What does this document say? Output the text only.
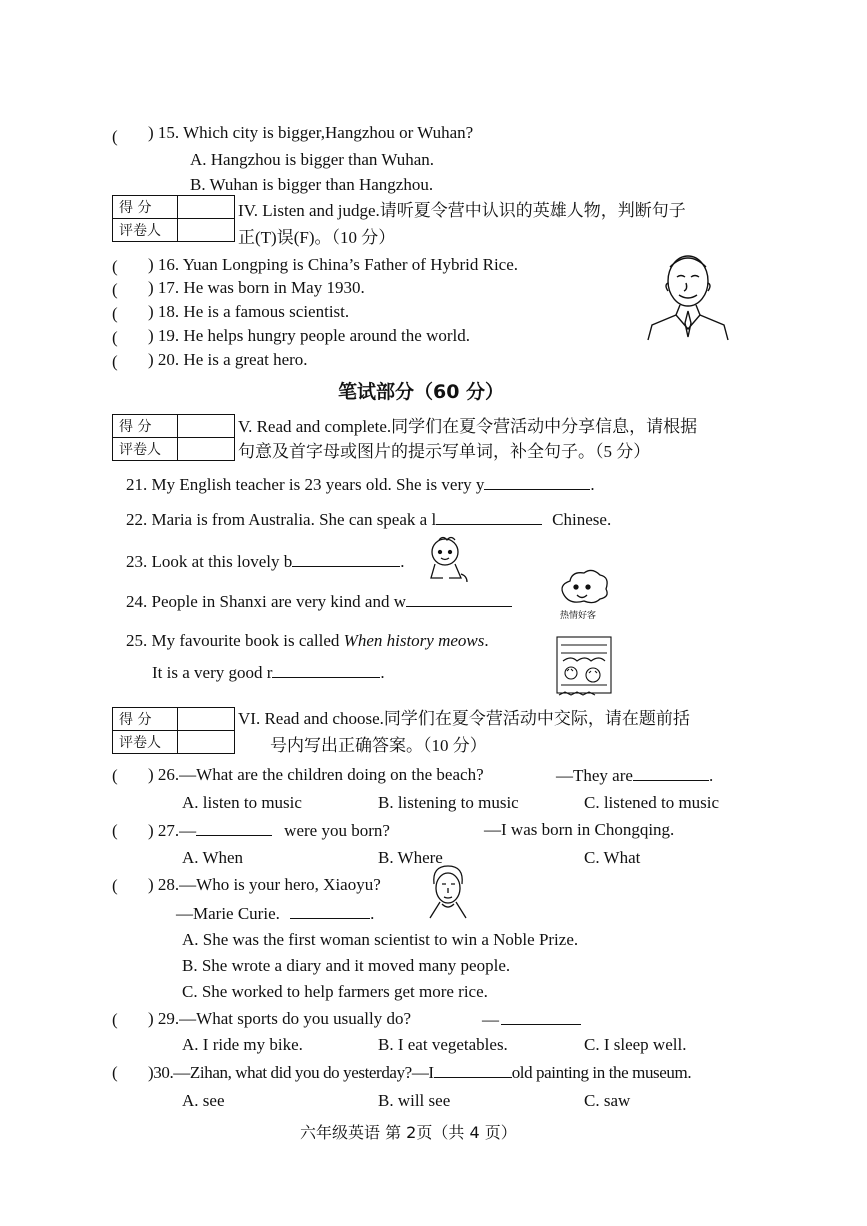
( ) 15. Which city is bigger,Hangzhou or Wuhan?
A. Hangzhou is bigger than Wuhan.
B. Wuhan is bigger than Hangzhou.
得 分	
评卷人	
IV. Listen and judge.请听夏令营中认识的英雄人物，判断句子
正(T)误(F)。（10 分）
( ) 16. Yuan Longping is China’s Father of Hybrid Rice.
( ) 17. He was born in May 1930.
( ) 18. He is a famous scientist.
( ) 19. He helps hungry people around the world.
( ) 20. He is a great hero.
笔试部分（60 分）
得 分	
评卷人	
V. Read and complete.同学们在夏令营活动中分享信息，请根据
句意及首字母或图片的提示写单词，补全句子。（5 分）
21. My English teacher is 23 years old. She is very y	.
22. Maria is from Australia. She can speak a l	Chinese.
23. Look at this lovely b	.
24. People in Shanxi are very kind and w
热情好客
25. My favourite book is called When history meows.
It is a very good r	.
得 分	
评卷人	
VI. Read and choose.同学们在夏令营活动中交际，请在题前括
号内写出正确答案。（10 分）
( ) 26.—What are the children doing on the beach?	—They are	.
A. listen to music	B. listening to music	C. listened to music
( ) 27.—	were you born?	—I was born in Chongqing.
A. When	B. Where	C. What
( ) 28.—Who is your hero, Xiaoyu?
—Marie Curie.	.
A. She was the first woman scientist to win a Noble Prize.
B. She wrote a diary and it moved many people.
C. She worked to help farmers get more rice.
( ) 29.—What sports do you usually do?	—
A. I ride my bike.	B. I eat vegetables.	C. I sleep well.
( )30.—Zihan, what did you do yesterday?—I	old painting in the museum.
A. see	B. will see	C. saw
六年级英语 第 2页（共 4 页）
